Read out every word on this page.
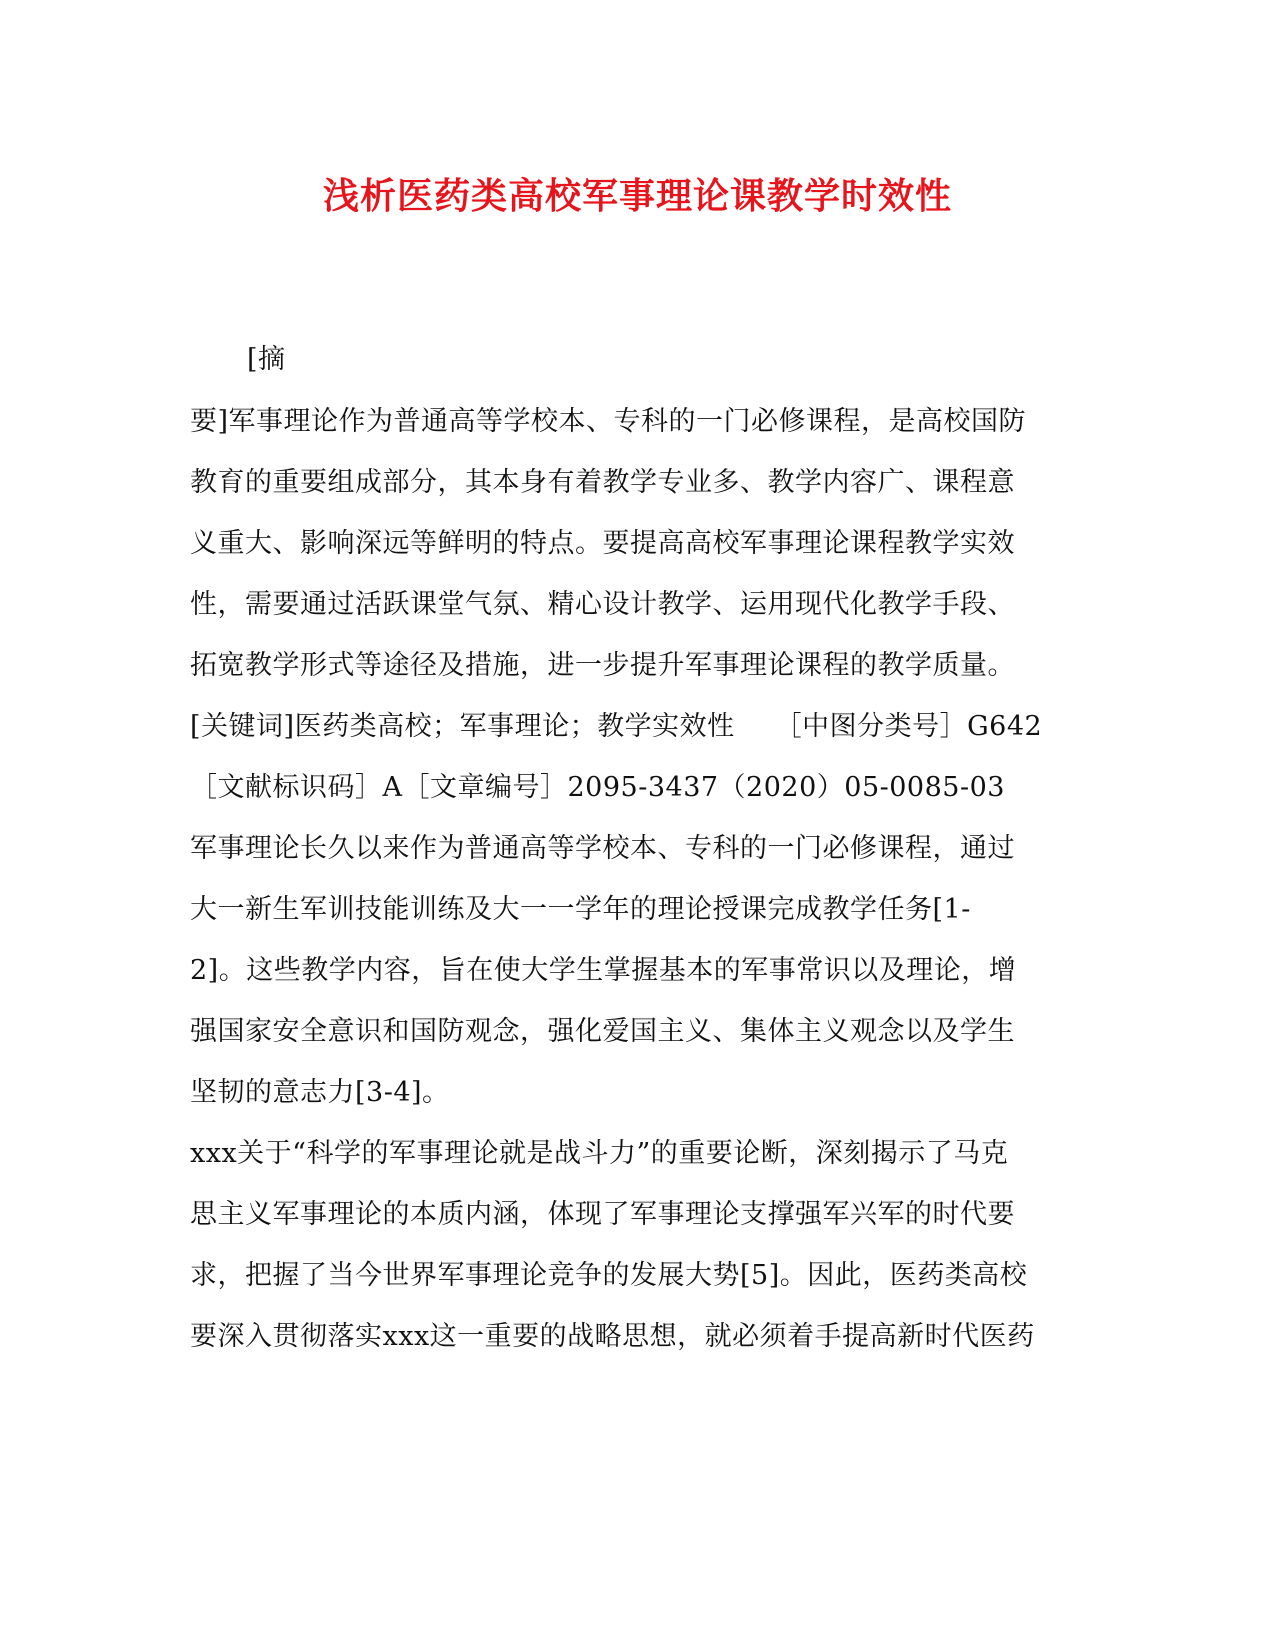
浅析医药类高校军事理论课教学时效性
[摘
要]军事理论作为普通高等学校本、专科的一门必修课程，是高校国防
教育的重要组成部分，其本身有着教学专业多、教学内容广、课程意
义重大、影响深远等鲜明的特点。要提高高校军事理论课程教学实效
性，需要通过活跃课堂气氛、精心设计教学、运用现代化教学手段、
拓宽教学形式等途径及措施，进一步提升军事理论课程的教学质量。
[关键词]医药类高校；军事理论；教学实效性 ［中图分类号］G642
［文献标识码］A［文章编号］2095-3437（2020）05-0085-03
军事理论长久以来作为普通高等学校本、专科的一门必修课程，通过
大一新生军训技能训练及大一一学年的理论授课完成教学任务[1-
2]。这些教学内容，旨在使大学生掌握基本的军事常识以及理论，增
强国家安全意识和国防观念，强化爱国主义、集体主义观念以及学生
坚韧的意志力[3-4]。
xxx关于“科学的军事理论就是战斗力”的重要论断，深刻揭示了马克
思主义军事理论的本质内涵，体现了军事理论支撑强军兴军的时代要
求，把握了当今世界军事理论竞争的发展大势[5]。因此，医药类高校
要深入贯彻落实xxx这一重要的战略思想，就必须着手提高新时代医药
